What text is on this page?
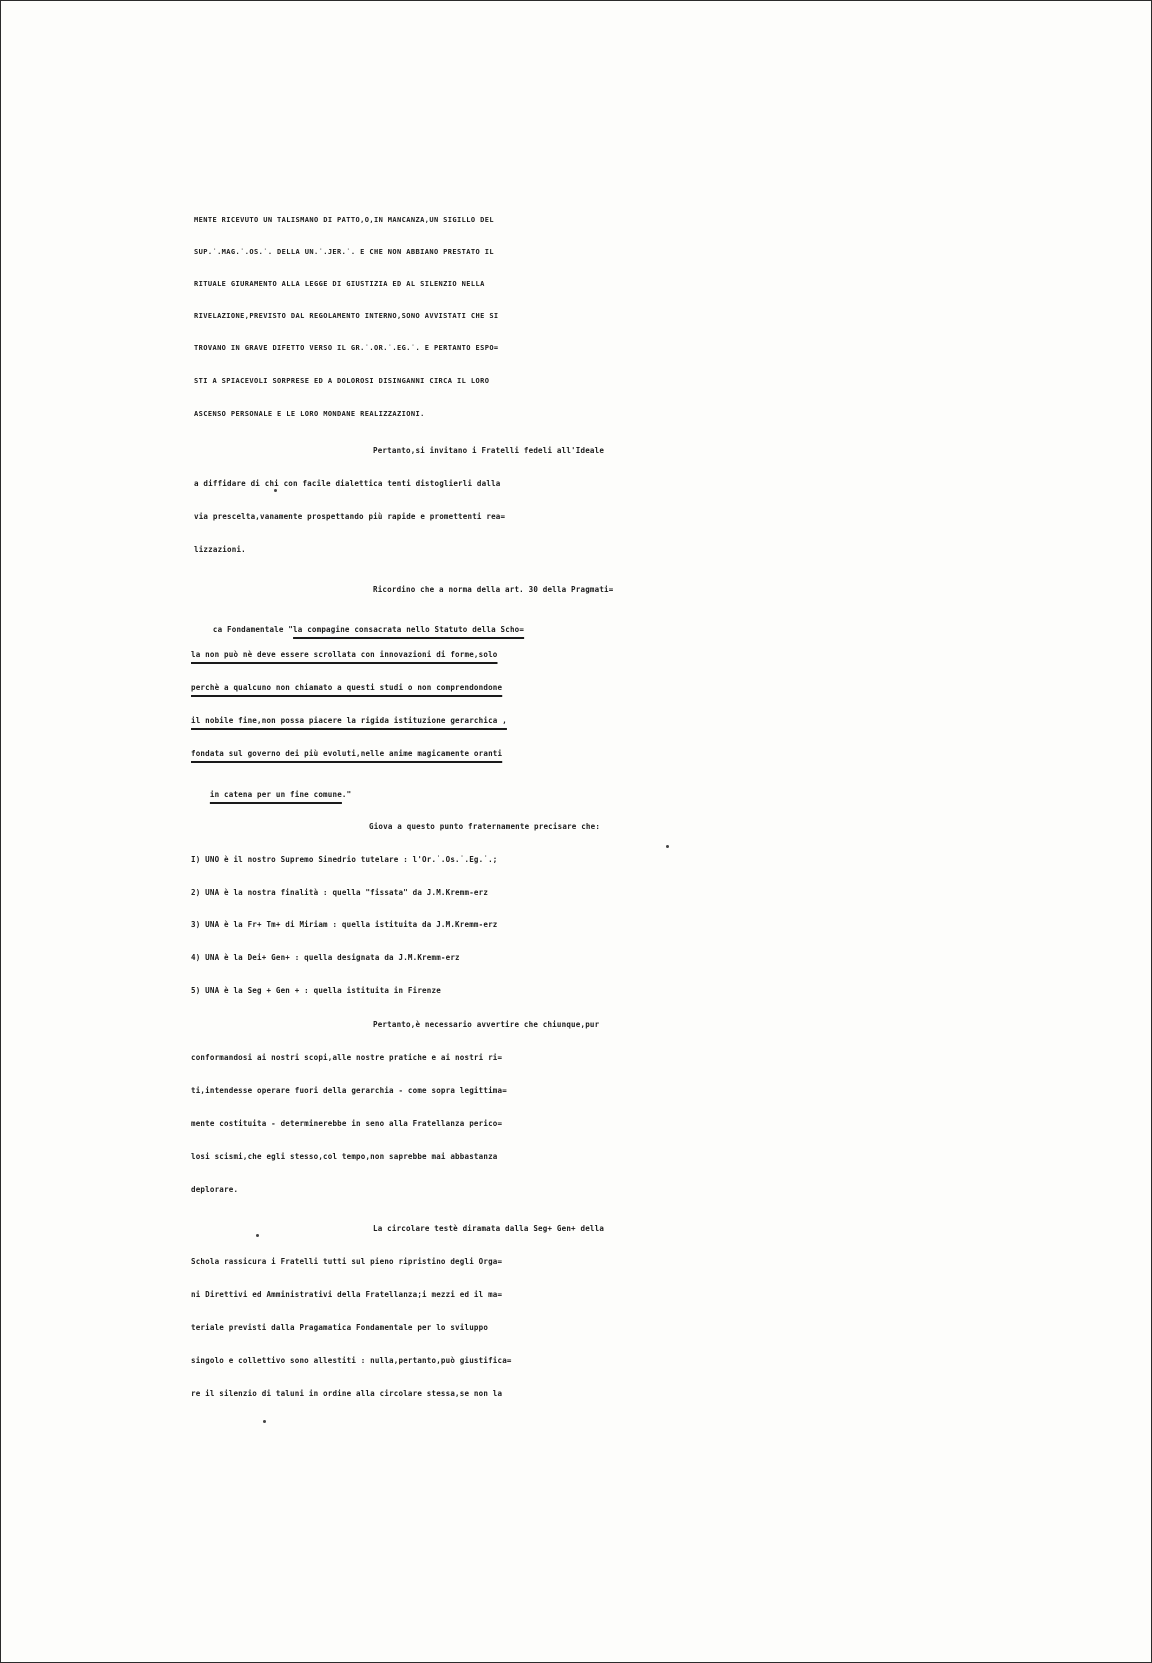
MENTE RICEVUTO UN TALISMANO DI PATTO,O,IN MANCANZA,UN SIGILLO DEL
SUP.˙.MAG.˙.OS.˙. DELLA UN.˙.JER.˙. E CHE NON ABBIANO PRESTATO IL
RITUALE GIURAMENTO ALLA LEGGE DI GIUSTIZIA ED AL SILENZIO NELLA
RIVELAZIONE,PREVISTO DAL REGOLAMENTO INTERNO,SONO AVVISTATI CHE SI
TROVANO IN GRAVE DIFETTO VERSO IL GR.˙.OR.˙.EG.˙. E PERTANTO ESPO=
STI A SPIACEVOLI SORPRESE ED A DOLOROSI DISINGANNI CIRCA IL LORO
ASCENSO PERSONALE E LE LORO MONDANE REALIZZAZIONI.
Pertanto,si invitano i Fratelli fedeli all'Ideale
a diffidare di chi con facile dialettica tenti distoglierli dalla
via prescelta,vanamente prospettando più rapide e promettenti rea=
lizzazioni.
Ricordino che a norma della art. 30 della Pragmati=

ca Fondamentale "la compagine consacrata nello Statuto della Scho=

la non può nè deve essere scrollata con innovazioni di forme,solo
perchè a qualcuno non chiamato a questi studi o non comprendondone
il nobile fine,non possa piacere la rigida istituzione gerarchica ,
fondata sul governo dei più evoluti,nelle anime magicamente oranti

in catena per un fine comune."

Giova a questo punto fraternamente precisare che:
I) UNO è il nostro Supremo Sinedrio tutelare : l'Or.˙.Os.˙.Eg.˙.;
2) UNA è la nostra finalità : quella "fissata" da J.M.Kremm-erz
3) UNA è la Fr+ Tm+ di Miriam : quella istituita da J.M.Kremm-erz
4) UNA è la Dei+ Gen+ : quella designata da J.M.Kremm-erz
5) UNA è la Seg + Gen + : quella istituita in Firenze
Pertanto,è necessario avvertire che chiunque,pur
conformandosi ai nostri scopi,alle nostre pratiche e ai nostri ri=
ti,intendesse operare fuori della gerarchia - come sopra legittima=
mente costituita - determinerebbe in seno alla Fratellanza perico=
losi scismi,che egli stesso,col tempo,non saprebbe mai abbastanza
deplorare.
La circolare testè diramata dalla Seg+ Gen+ della
Schola rassicura i Fratelli tutti sul pieno ripristino degli Orga=
ni Direttivi ed Amministrativi della Fratellanza;i mezzi ed il ma=
teriale previsti dalla Pragamatica Fondamentale per lo sviluppo
singolo e collettivo sono allestiti : nulla,pertanto,può giustifica=
re il silenzio di taluni in ordine alla circolare stessa,se non la
